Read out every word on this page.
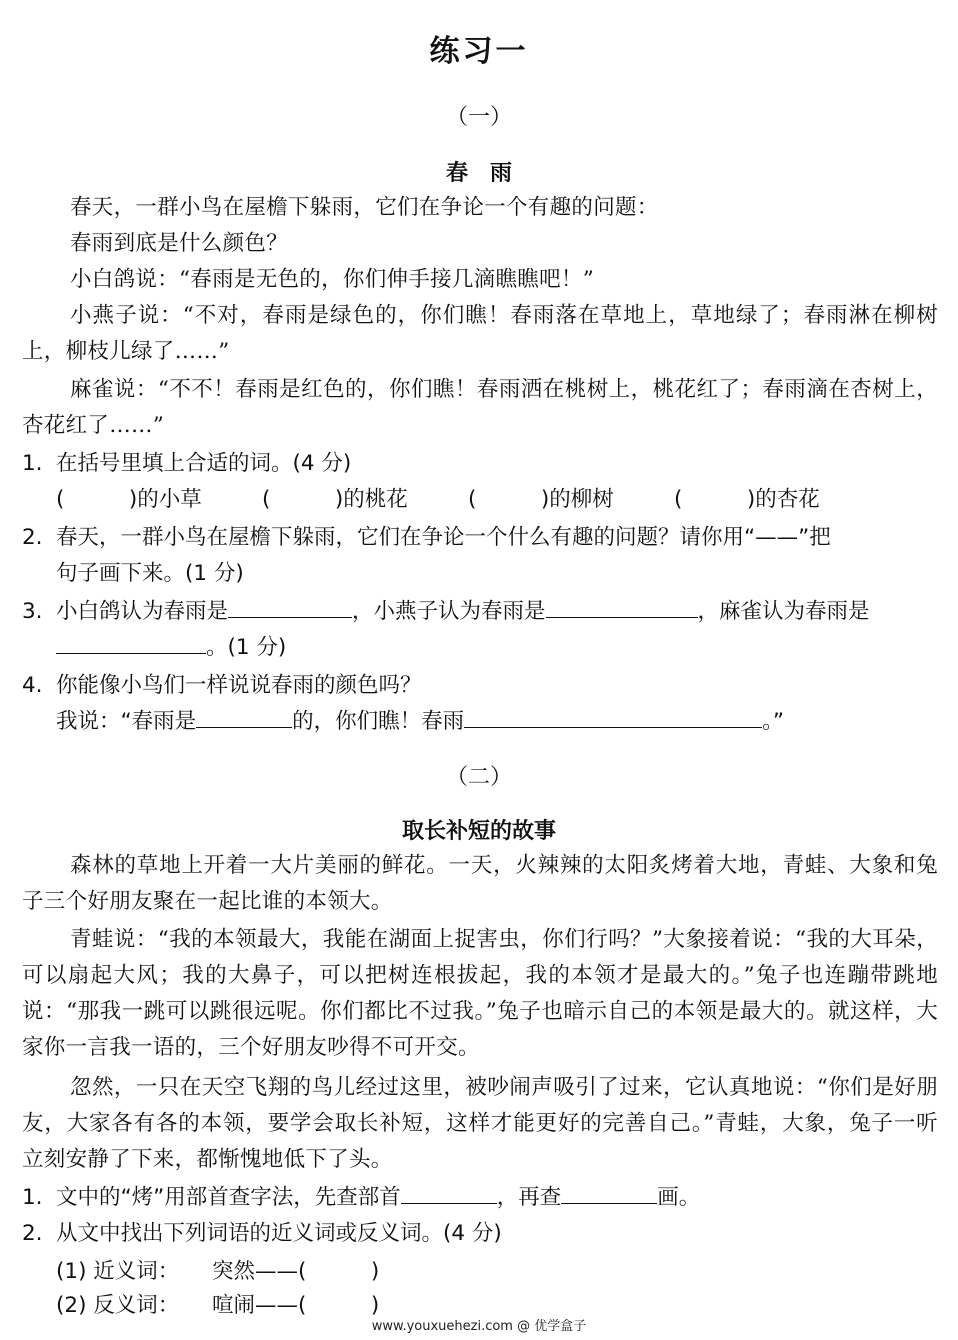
练习一
（一）
春　雨

春天，一群小鸟在屋檐下躲雨，它们在争论一个有趣的问题：

春雨到底是什么颜色？

小白鸽说：“春雨是无色的，你们伸手接几滴瞧瞧吧！”

小燕子说：“不对，春雨是绿色的，你们瞧！春雨落在草地上，草地绿了；春雨淋在柳树上，柳枝儿绿了……”

麻雀说：“不不！春雨是红色的，你们瞧！春雨洒在桃树上，桃花红了；春雨滴在杏树上，杏花红了……”

1. 在括号里填上合适的词。(4 分)
(　　　)的小草	(　　　)的桃花	(　　　)的柳树	(　　　)的杏花
2. 春天，一群小鸟在屋檐下躲雨，它们在争论一个什么有趣的问题？请你用“——”把
句子画下来。(1 分)
3. 小白鸽认为春雨是	，小燕子认为春雨是	，麻雀认为春雨是
。(1 分)
4. 你能像小鸟们一样说说春雨的颜色吗？
我说：“春雨是	的，你们瞧！春雨	。”
（二）
取长补短的故事

森林的草地上开着一大片美丽的鲜花。一天，火辣辣的太阳炙烤着大地，青蛙、大象和兔子三个好朋友聚在一起比谁的本领大。

青蛙说：“我的本领最大，我能在湖面上捉害虫，你们行吗？”大象接着说：“我的大耳朵，可以扇起大风；我的大鼻子，可以把树连根拔起，我的本领才是最大的。”兔子也连蹦带跳地说：“那我一跳可以跳很远呢。你们都比不过我。”兔子也暗示自己的本领是最大的。就这样，大家你一言我一语的，三个好朋友吵得不可开交。

忽然，一只在天空飞翔的鸟儿经过这里，被吵闹声吸引了过来，它认真地说：“你们是好朋友，大家各有各的本领，要学会取长补短，这样才能更好的完善自己。”青蛙，大象，兔子一听立刻安静了下来，都惭愧地低下了头。

1. 文中的“烤”用部首查字法，先查部首	，再查	画。
2. 从文中找出下列词语的近义词或反义词。(4 分)
(1) 近义词： 突然——(　　　)
(2) 反义词： 喧闹——(　　　)
www.youxuehezi.com @ 优学盒子
